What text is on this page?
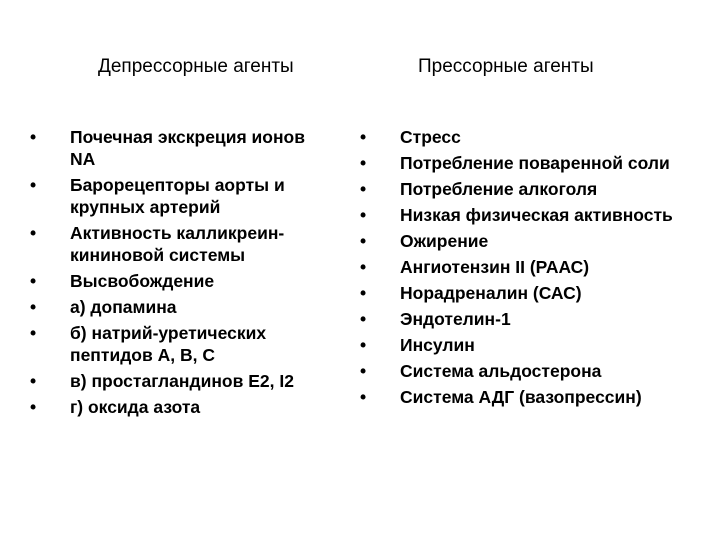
Депрессорные агенты	Прессорные агенты
• Почечная экскреция ионов NA
• Барорецепторы аорты и крупных артерий
• Активность калликреин-кининовой системы
• Высвобождение
• а) допамина
• б) натрий-уретических пептидов А, В, С
• в) простагландинов Е2, I2
• г) оксида азота
• Стресс
• Потребление поваренной соли
• Потребление алкоголя
• Низкая физическая активность
• Ожирение
• Ангиотензин II (РААС)
• Норадреналин (САС)
• Эндотелин-1
• Инсулин
• Система альдостерона
• Система АДГ (вазопрессин)
